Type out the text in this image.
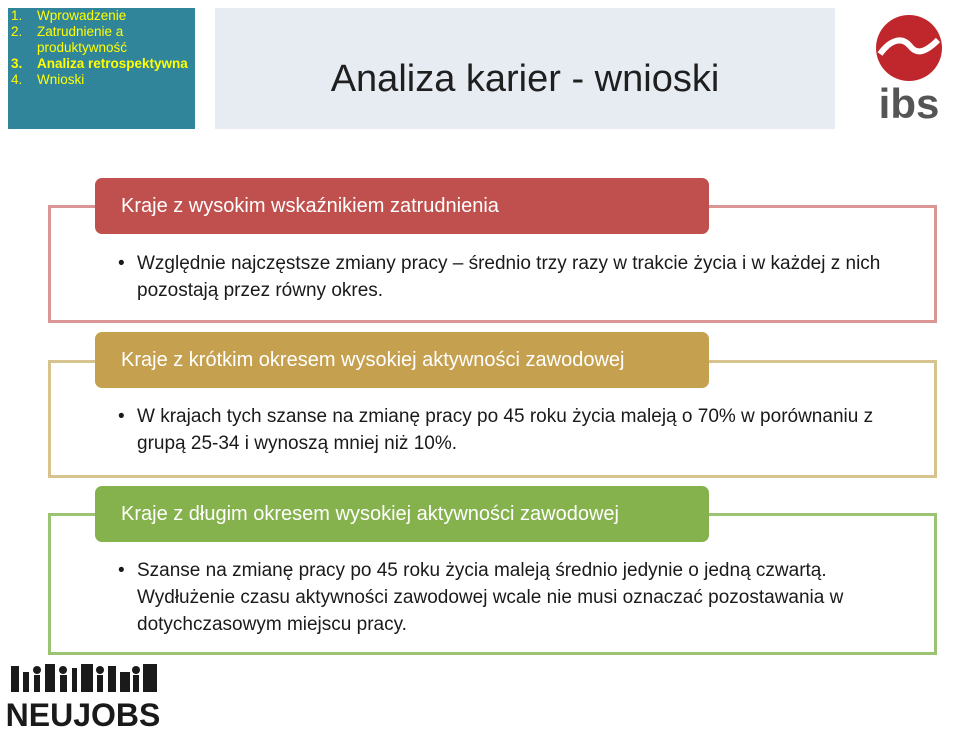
1. Wprowadzenie
2. Zatrudnienie a produktywność
3. Analiza retrospektywna
4. Wnioski	Analiza karier - wnioski
ibs
Kraje z wysokim wskaźnikiem zatrudnienia
• Względnie najczęstsze zmiany pracy – średnio trzy razy w trakcie życia i w każdej z nich pozostają przez równy okres.
Kraje z krótkim okresem wysokiej aktywności zawodowej
• W krajach tych szanse na zmianę pracy po 45 roku życia maleją o 70% w porównaniu z grupą 25-34 i wynoszą mniej niż 10%.
Kraje z długim okresem wysokiej aktywności zawodowej
• Szanse na zmianę pracy po 45 roku życia maleją średnio jedynie o jedną czwartą. Wydłużenie czasu aktywności zawodowej wcale nie musi oznaczać pozostawania w dotychczasowym miejscu pracy.
NEUJOBS
